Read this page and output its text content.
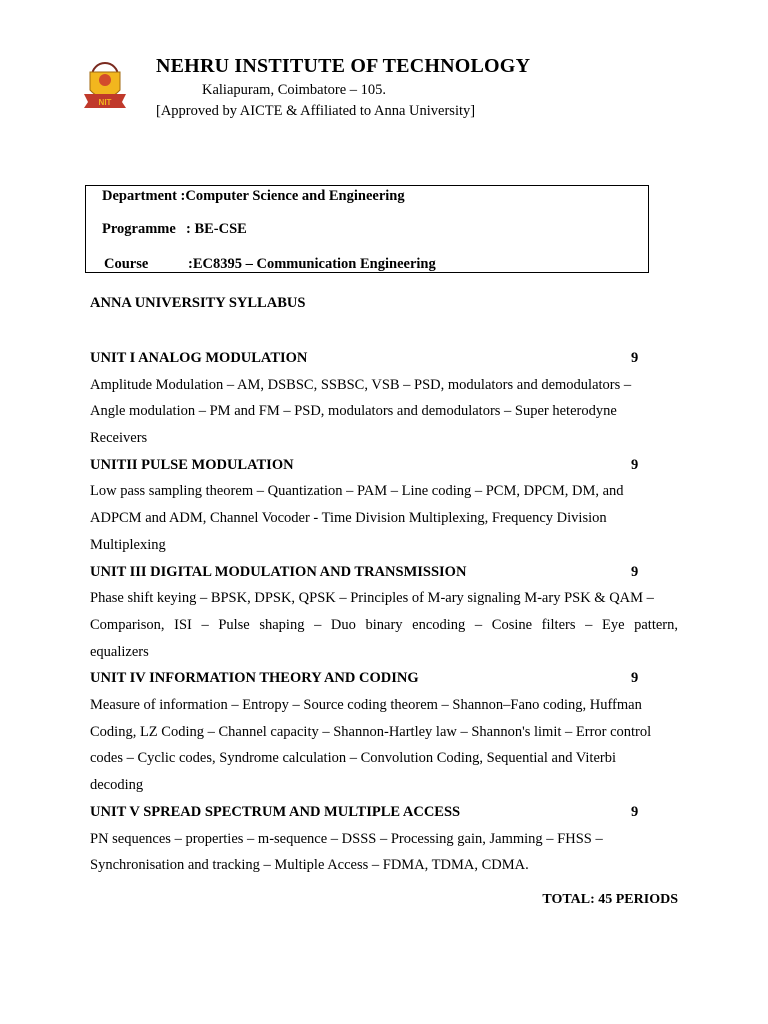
NIT
NEHRU INSTITUTE OF TECHNOLOGY
Kaliapuram, Coimbatore – 105.
[Approved by AICTE & Affiliated to Anna University]
Department :Computer Science and Engineering
Programme : BE-CSE
Course	:EC8395 – Communication Engineering
ANNA UNIVERSITY SYLLABUS
UNIT I ANALOG MODULATION	9
Amplitude Modulation – AM, DSBSC, SSBSC, VSB – PSD, modulators and demodulators –
Angle modulation – PM and FM – PSD, modulators and demodulators – Super heterodyne
Receivers
UNITII PULSE MODULATION	9
Low pass sampling theorem – Quantization – PAM – Line coding – PCM, DPCM, DM, and
ADPCM and ADM, Channel Vocoder - Time Division Multiplexing, Frequency Division
Multiplexing
UNIT III DIGITAL MODULATION AND TRANSMISSION	9
Phase shift keying – BPSK, DPSK, QPSK – Principles of M-ary signaling M-ary PSK & QAM –
Comparison, ISI – Pulse shaping – Duo binary encoding – Cosine filters – Eye pattern,
equalizers
UNIT IV INFORMATION THEORY AND CODING	9
Measure of information – Entropy – Source coding theorem – Shannon–Fano coding, Huffman
Coding, LZ Coding – Channel capacity – Shannon-Hartley law – Shannon's limit – Error control
codes – Cyclic codes, Syndrome calculation – Convolution Coding, Sequential and Viterbi
decoding
UNIT V SPREAD SPECTRUM AND MULTIPLE ACCESS	9
PN sequences – properties – m-sequence – DSSS – Processing gain, Jamming – FHSS –
Synchronisation and tracking – Multiple Access – FDMA, TDMA, CDMA.
TOTAL: 45 PERIODS
